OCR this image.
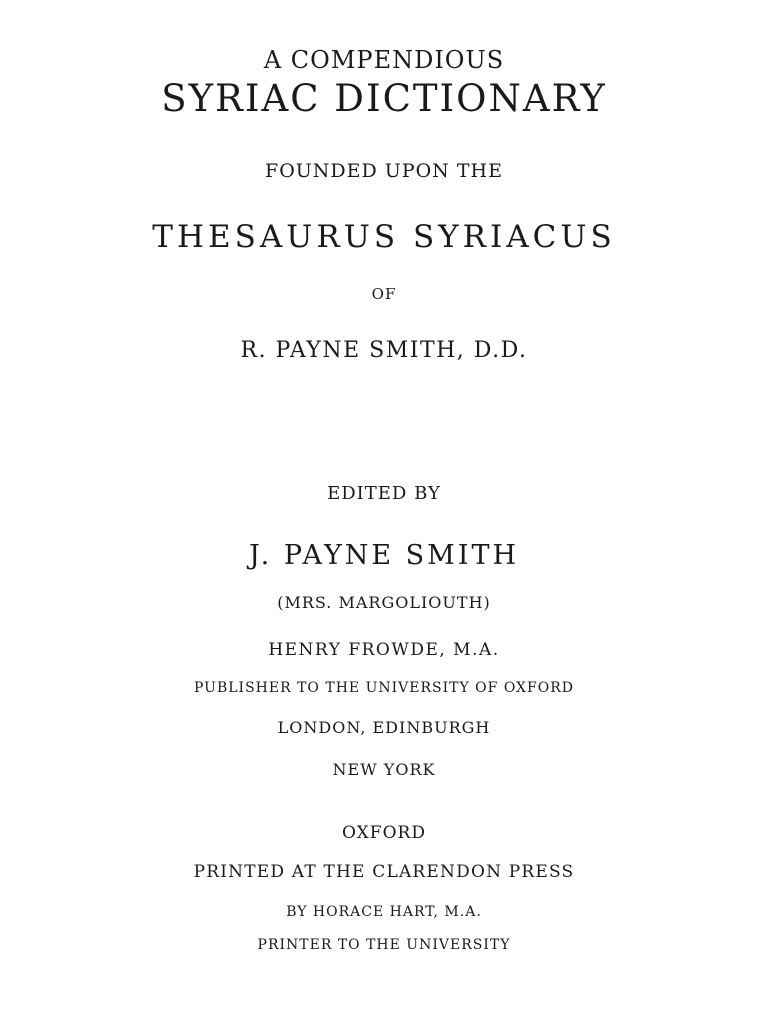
A COMPENDIOUS
SYRIAC DICTIONARY
FOUNDED UPON THE
THESAURUS SYRIACUS
OF
R. PAYNE SMITH, D.D.
EDITED BY
J. PAYNE SMITH
(MRS. MARGOLIOUTH)
HENRY FROWDE, M.A.
PUBLISHER TO THE UNIVERSITY OF OXFORD
LONDON, EDINBURGH
NEW YORK
OXFORD
PRINTED AT THE CLARENDON PRESS
BY HORACE HART, M.A.
PRINTER TO THE UNIVERSITY
